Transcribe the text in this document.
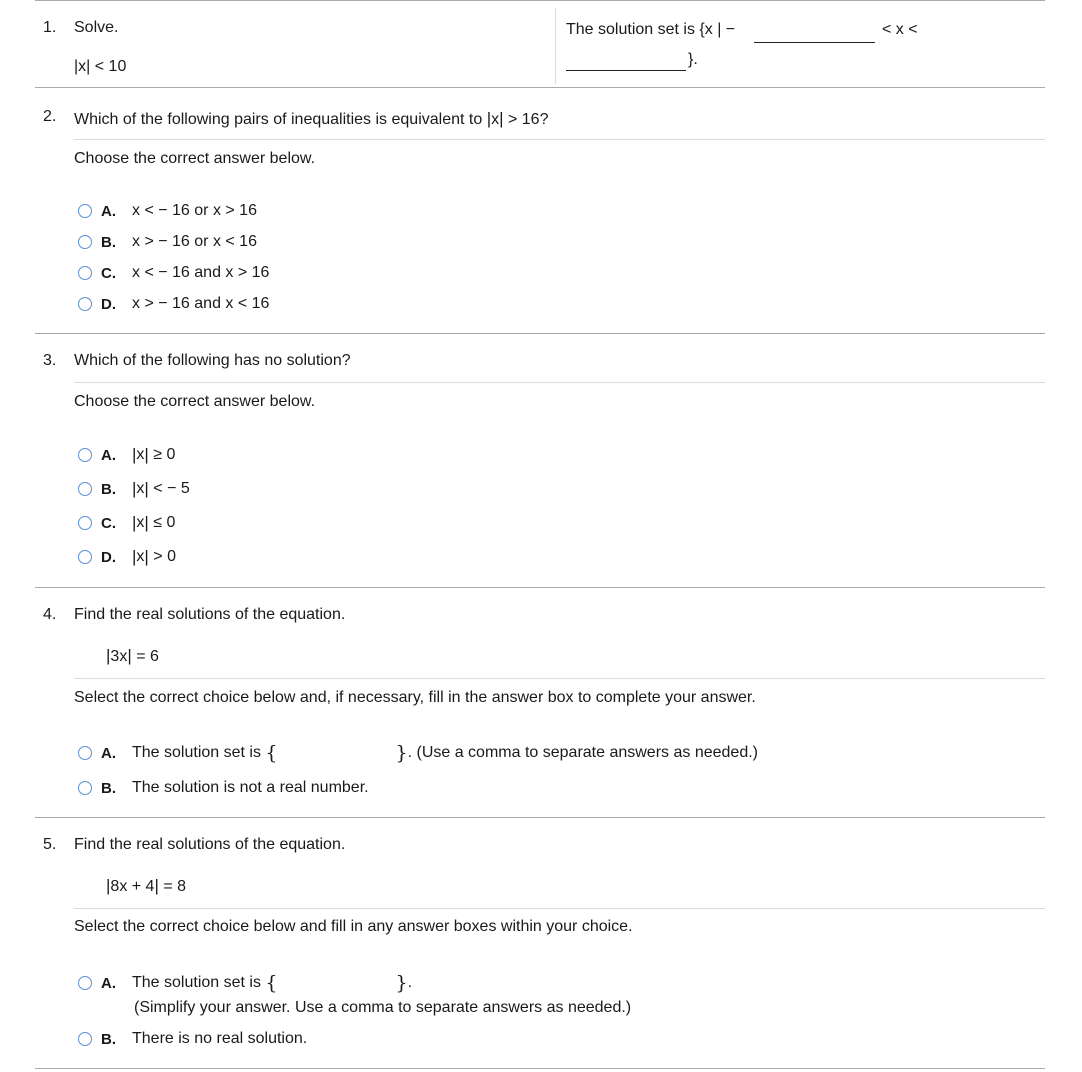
1. Solve.
|x| < 10
The solution set is {x | −	< x <
}.
2. Which of the following pairs of inequalities is equivalent to |x| > 16?
Choose the correct answer below.
A.	x < − 16 or x > 16
B.	x > − 16 or x < 16
C.	x < − 16 and x > 16
D.	x > − 16 and x < 16
3. Which of the following has no solution?
Choose the correct answer below.
A. | x |
≥ 0
B. | x |
< − 5
C. | x |
≤ 0
D. | x |
> 0
4. Find the real solutions of the equation.
|3x| = 6
Select the correct choice below and, if necessary, fill in the answer box to complete your answer.
A.	The solution set is
{	} . (Use a comma to separate answers as needed.)
B.	The solution is not a real number.
5. Find the real solutions of the equation.
|8x + 4| = 8
Select the correct choice below and fill in any answer boxes within your choice.
A.	The solution set is
{	} .
(Simplify your answer. Use a comma to separate answers as needed.)
B.	There is no real solution.
